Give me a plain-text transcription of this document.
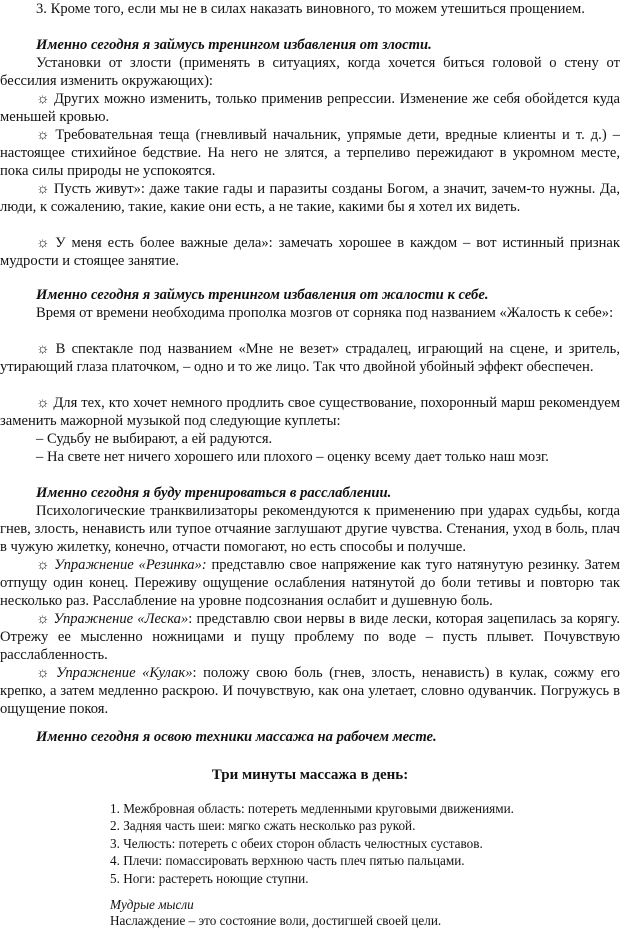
3. Кроме того, если мы не в силах наказать виновного, то можем утешиться прощением.
Именно сегодня я займусь тренингом избавления от злости.

Установки от злости (применять в ситуациях, когда хочется биться головой о стену от бессилия изменить окружающих):

☼ Других можно изменить, только применив репрессии. Изменение же себя обойдется куда меньшей кровью.

☼ Требовательная теща (гневливый начальник, упрямые дети, вредные клиенты и т. д.) – настоящее стихийное бедствие. На него не злятся, а терпеливо пережидают в укромном месте, пока силы природы не успокоятся.

☼ Пусть живут»: даже такие гады и паразиты созданы Богом, а значит, зачем-то нужны. Да, люди, к сожалению, такие, какие они есть, а не такие, какими бы я хотел их видеть.

☼ У меня есть более важные дела»: замечать хорошее в каждом – вот истинный признак мудрости и стоящее занятие.

Именно сегодня я займусь тренингом избавления от жалости к себе.

Время от времени необходима прополка мозгов от сорняка под названием «Жалость к себе»:

☼ В спектакле под названием «Мне не везет» страдалец, играющий на сцене, и зритель, утирающий глаза платочком, – одно и то же лицо. Так что двойной убойный эффект обеспечен.

☼ Для тех, кто хочет немного продлить свое существование, похоронный марш рекомендуем заменить мажорной музыкой под следующие куплеты:

– Судьбу не выбирают, а ей радуются.
– На свете нет ничего хорошего или плохого – оценку всему дает только наш мозг.
Именно сегодня я буду тренироваться в расслаблении.

Психологические транквилизаторы рекомендуются к применению при ударах судьбы, когда гнев, злость, ненависть или тупое отчаяние заглушают другие чувства. Стенания, уход в боль, плач в чужую жилетку, конечно, отчасти помогают, но есть способы и получше.

☼ Упражнение «Резинка»: представлю свое напряжение как туго натянутую резинку. Затем отпущу один конец. Переживу ощущение ослабления натянутой до боли тетивы и повторю так несколько раз. Расслабление на уровне подсознания ослабит и душевную боль.

☼ Упражнение «Леска»: представлю свои нервы в виде лески, которая зацепилась за корягу. Отрежу ее мысленно ножницами и пущу проблему по воде – пусть плывет. Почувствую расслабленность.

☼ Упражнение «Кулак»: положу свою боль (гнев, злость, ненависть) в кулак, сожму его крепко, а затем медленно раскрою. И почувствую, как она улетает, словно одуванчик. Погружусь в ощущение покоя.

Именно сегодня я освою техники массажа на рабочем месте.
Три минуты массажа в день:
1. Межбровная область: потереть медленными круговыми движениями.
2. Задняя часть шеи: мягко сжать несколько раз рукой.
3. Челюсть: потереть с обеих сторон область челюстных суставов.
4. Плечи: помассировать верхнюю часть плеч пятью пальцами.
5. Ноги: растереть ноющие ступни.
Мудрые мысли
Наслаждение – это состояние воли, достигшей своей цели.
